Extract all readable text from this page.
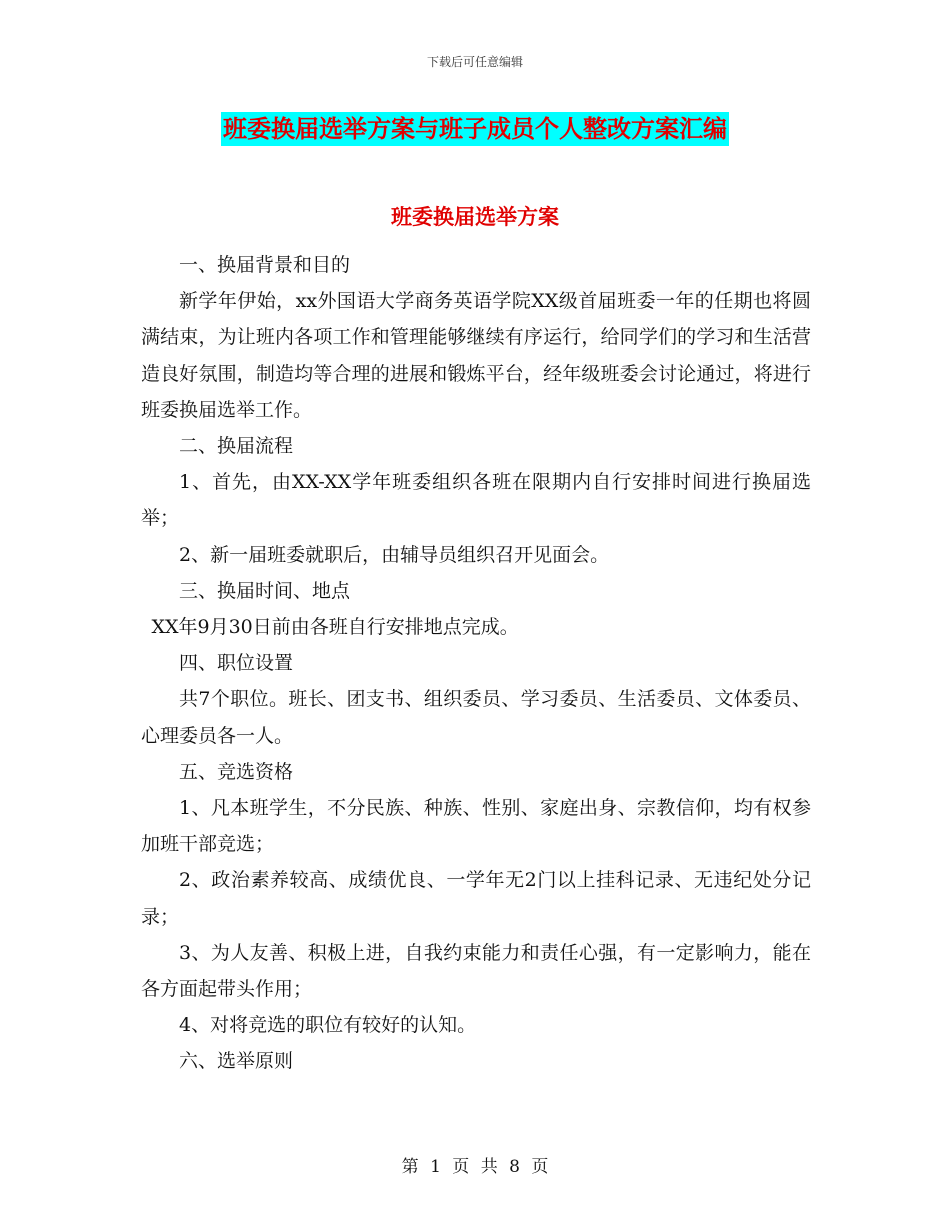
下载后可任意编辑
班委换届选举方案与班子成员个人整改方案汇编
班委换届选举方案

一、换届背景和目的

新学年伊始，xx外国语大学商务英语学院XX级首届班委一年的任期也将圆满结束，为让班内各项工作和管理能够继续有序运行，给同学们的学习和生活营造良好氛围，制造均等合理的进展和锻炼平台，经年级班委会讨论通过，将进行班委换届选举工作。

二、换届流程

1、首先，由XX-XX学年班委组织各班在限期内自行安排时间进行换届选举；

2、新一届班委就职后，由辅导员组织召开见面会。

三、换届时间、地点

XX年9月30日前由各班自行安排地点完成。

四、职位设置

共7个职位。班长、团支书、组织委员、学习委员、生活委员、文体委员、心理委员各一人。

五、竞选资格

1、凡本班学生，不分民族、种族、性别、家庭出身、宗教信仰，均有权参加班干部竞选；

2、政治素养较高、成绩优良、一学年无2门以上挂科记录、无违纪处分记录；

3、为人友善、积极上进，自我约束能力和责任心强，有一定影响力，能在各方面起带头作用；

4、对将竞选的职位有较好的认知。

六、选举原则

第 1 页 共 8 页
